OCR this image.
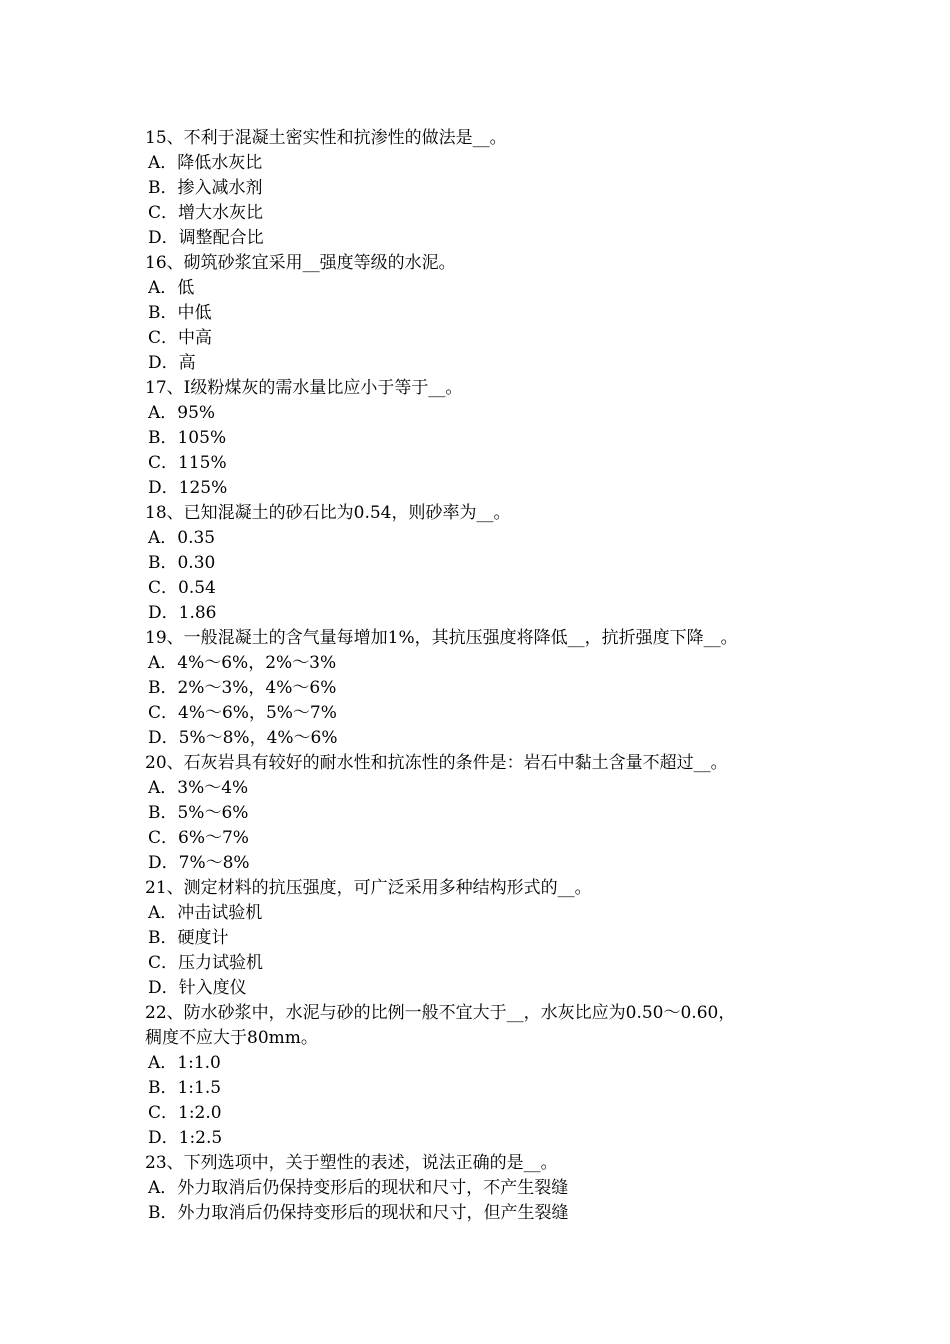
15、不利于混凝土密实性和抗渗性的做法是__。
A．降低水灰比
B．掺入减水剂
C．增大水灰比
D．调整配合比
16、砌筑砂浆宜采用__强度等级的水泥。
A．低
B．中低
C．中高
D．高
17、Ⅰ级粉煤灰的需水量比应小于等于__。
A．95%
B．105%
C．115%
D．125%
18、已知混凝土的砂石比为0.54，则砂率为__。
A．0.35
B．0.30
C．0.54
D．1.86
19、一般混凝土的含气量每增加1%，其抗压强度将降低__，抗折强度下降__。
A．4%～6%，2%～3%
B．2%～3%，4%～6%
C．4%～6%，5%～7%
D．5%～8%，4%～6%
20、石灰岩具有较好的耐水性和抗冻性的条件是：岩石中黏土含量不超过__。
A．3%～4%
B．5%～6%
C．6%～7%
D．7%～8%
21、测定材料的抗压强度，可广泛采用多种结构形式的__。
A．冲击试验机
B．硬度计
C．压力试验机
D．针入度仪
22、防水砂浆中，水泥与砂的比例一般不宜大于__，水灰比应为0.50～0.60，
稠度不应大于80mm。
A．1:1.0
B．1:1.5
C．1:2.0
D．1:2.5
23、下列选项中，关于塑性的表述，说法正确的是__。
A．外力取消后仍保持变形后的现状和尺寸，不产生裂缝
B．外力取消后仍保持变形后的现状和尺寸，但产生裂缝
